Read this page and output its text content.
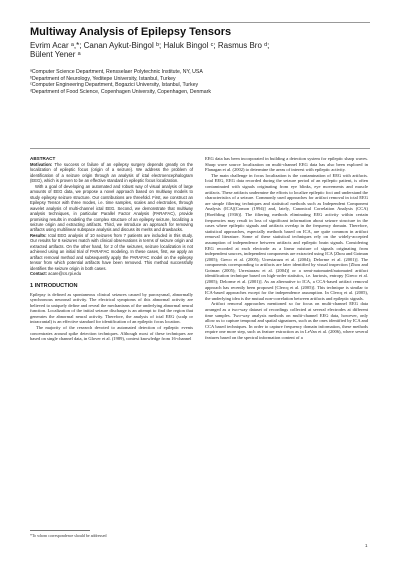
Multiway Analysis of Epilepsy Tensors
Evrim Acar ᵃ,*; Canan Aykut-Bingol ᵇ; Haluk Bingol ᶜ; Rasmus Bro ᵈ;
Bülent Yener ᵃ
ᵃComputer Science Department, Rensselaer Polytechnic Institute, NY, USA
ᵇDepartment of Neurology, Yeditepe University, Istanbul, Turkey
ᶜComputer Engineering Department, Bogazici University, Istanbul, Turkey
ᵈDepartment of Food Science, Copenhagen University, Copenhagen, Denmark
ABSTRACT

Motivation: The success or failure of an epilepsy surgery depends greatly on the localization of epileptic focus (origin of a seizure). We address the problem of identification of a seizure origin through an analysis of ictal electroencephalogram (EEG), which is proven to be an effective standard in epileptic focus localization.

With a goal of developing an automated and robust way of visual analysis of large amounts of EEG data, we propose a novel approach based on multiway models to study epilepsy seizure structure. Our contributions are threefold. First, we construct an Epilepsy Tensor with three modes, i.e. time samples, scales and electrodes, through wavelet analysis of multi-channel ictal EEG. Second, we demonstrate that multiway analysis techniques, in particular Parallel Factor Analysis (PARAFAC), provide promising results in modeling the complex structure of an epilepsy seizure, localizing a seizure origin and extracting artifacts. Third, we introduce an approach for removing artifacts using multilinear subspace analysis and discuss its merits and drawbacks.

Results: Ictal EEG analysis of 10 seizures from 7 patients are included in this study. Our results for 8 seizures match with clinical observations in terms of seizure origin and extracted artifacts. On the other hand, for 2 of the seizures, seizure localization is not achieved using an initial trial of PARAFAC modeling. In these cases, first, we apply an artifact removal method and subsequently apply the PARAFAC model on the epilepsy tensor from which potential artifacts have been removed. This method successfully identifies the seizure origin in both cases.

Contact: acare@cs.rpi.edu

1 INTRODUCTION

Epilepsy is defined as spontaneous clinical seizures caused by paroxysmal, abnormally synchronous neuronal activity. The electrical symptoms of this abnormal activity are believed to uniquely define and reveal the mechanisms of the underlying abnormal neural function. Localization of the initial seizure discharge is an attempt to find the region that generates the abnormal neural activity. Therefore, the analysis of ictal EEG (scalp or intracranial) is an effective standard for identification of an epileptic focus location.

The majority of the research devoted to automated detection of epileptic events concentrates around spike detection techniques. Although most of these techniques are based on single channel data, in Glover et al. (1989), context knowledge from 16-channel

EEG data has been incorporated in building a detection system for epileptic sharp waves. Sharp wave source localization on multi-channel EEG data has also been explored in Flanagan et al. (2002) to determine the areas of interest with epileptic activity.

The main challenge in focus localization is the contamination of EEG with artifacts. Ictal EEG, EEG data recorded during the seizure period of an epileptic patient, is often contaminated with signals originating from eye blinks, eye movements and muscle artifacts. These artifacts undermine the efforts to localize epileptic foci and understand the characteristics of a seizure. Commonly used approaches for artifact removal in ictal EEG are simple filtering techniques and statistical methods such as Independent Component Analysis (ICA)[Comon (1994)] and, lately, Canonical Correlation Analysis (CCA) [Hoeffding (1936)]. The filtering methods eliminating EEG activity within certain frequencies may result in loss of significant information about seizure structure in the cases where epileptic signals and artifacts overlap in the frequency domain. Therefore, statistical approaches, especially methods based on ICA, are quite common in artifact removal literature. Some of these statistical techniques rely on the widely-accepted assumption of independence between artifacts and epileptic brain signals. Considering EEG recorded at each electrode as a linear mixture of signals originating from independent sources, independent components are extracted using ICA [Zhou and Gotman (2005); Greco et al. (2005); Urrestarazu et al. (2004); Delorme et al. (2001)]. The components corresponding to artifacts are later identified by visual inspection [Zhou and Gotman (2005); Urrestarazu et al. (2004)] or a semi-automated/automated artifact identification technique based on high-order statistics, i.e. kurtosis, entropy [Greco et al. (2005); Delorme et al. (2001)]. As an alternative to ICA, a CCA-based artifact removal approach has recently been proposed [Clercq et al. (2005)]. This technique is similar to ICA-based approaches except for the independence assumption. In Clercq et al. (2005), the underlying idea is the mutual non-correlation between artifacts and epileptic signals.

Artifact removal approaches mentioned so far focus on multi-channel EEG data arranged as a two-way dataset of recordings collected at several electrodes at different time samples. Two-way analysis methods on multi-channel EEG data, however, only allow us to capture temporal and spatial signatures, such as the ones identified by ICA and CCA based techniques. In order to capture frequency domain information, these methods require one more step, such as feature extraction as in LeVan et al. (2006), where several features based on the spectral information content of a

*To whom correspondence should be addressed
1
